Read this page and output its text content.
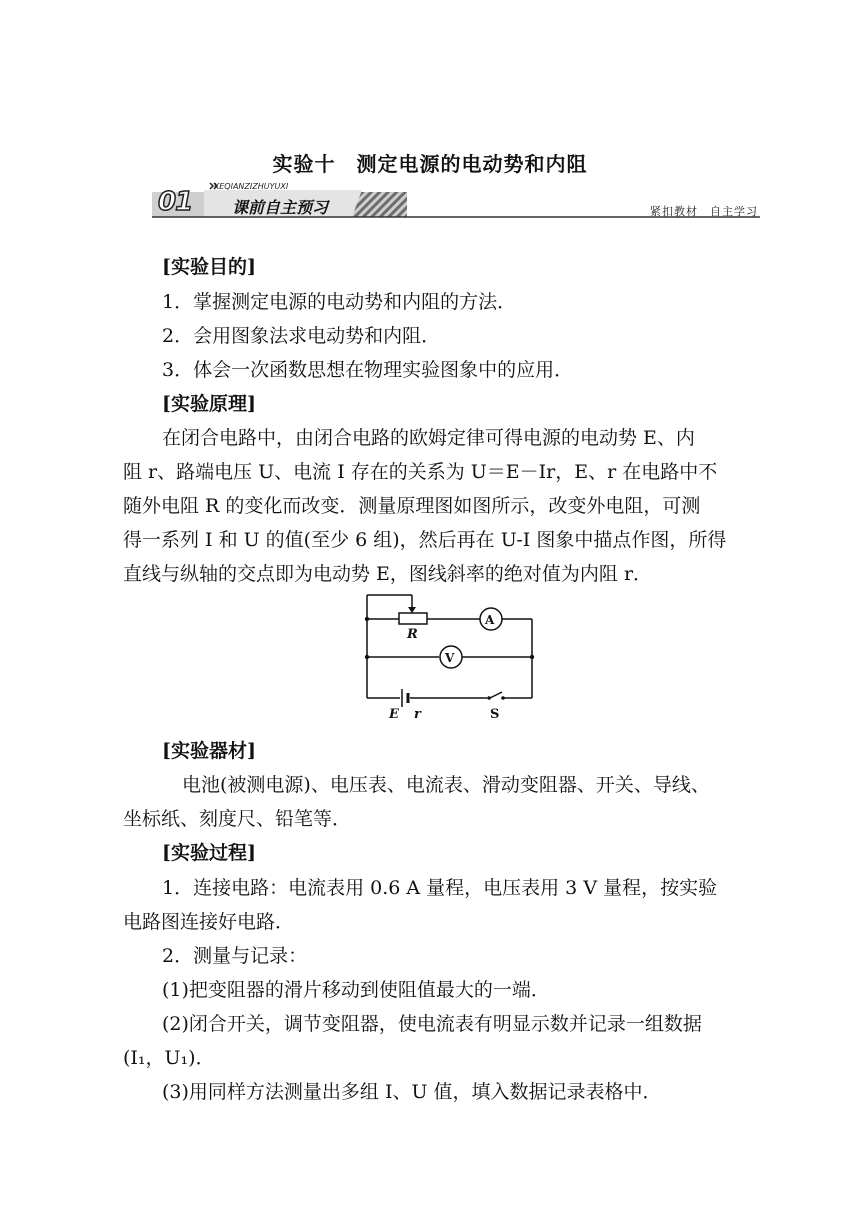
实验十　测定电源的电动势和内阻
01
KEQIANZIZHUYUXI
课前自主预习	紧扣教材　自主学习
[实验目的]
1．掌握测定电源的电动势和内阻的方法．
2．会用图象法求电动势和内阻．
3．体会一次函数思想在物理实验图象中的应用．
[实验原理]
在闭合电路中，由闭合电路的欧姆定律可得电源的电动势 E、内
阻 r、路端电压 U、电流 I 存在的关系为 U＝E－Ir，E、r 在电路中不
随外电阻 R 的变化而改变．测量原理图如图所示，改变外电阻，可测
得一系列 I 和 U 的值(至少 6 组)，然后再在 U-I 图象中描点作图，所得
直线与纵轴的交点即为电动势 E，图线斜率的绝对值为内阻 r．
R
A
V
E r	S
[实验器材]
电池(被测电源)、电压表、电流表、滑动变阻器、开关、导线、
坐标纸、刻度尺、铅笔等．
[实验过程]
1．连接电路：电流表用 0.6 A 量程，电压表用 3 V 量程，按实验
电路图连接好电路．
2．测量与记录：
(1)把变阻器的滑片移动到使阻值最大的一端．
(2)闭合开关，调节变阻器，使电流表有明显示数并记录一组数据
(I₁，U₁)．
(3)用同样方法测量出多组 I、U 值，填入数据记录表格中．
